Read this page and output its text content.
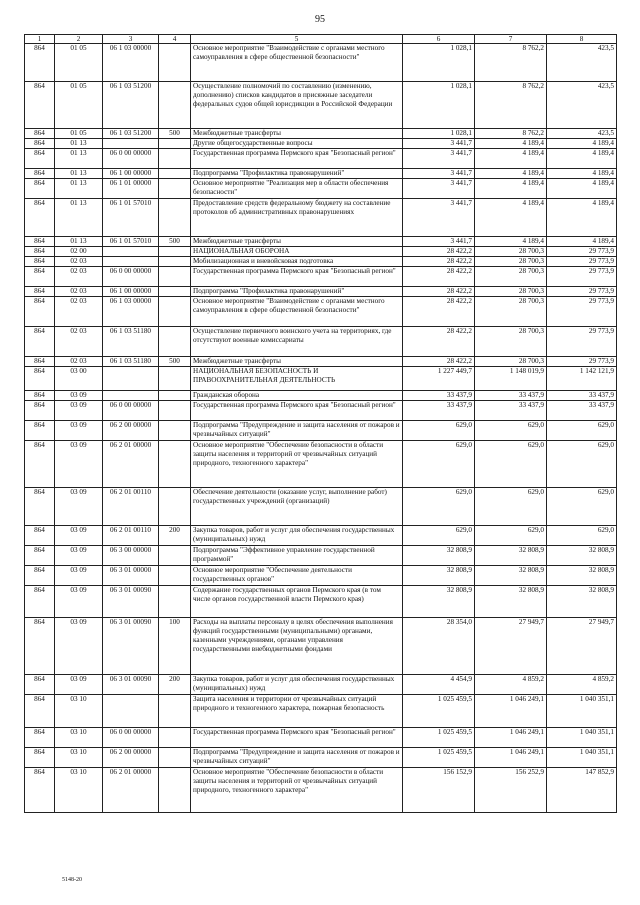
95
1	2	3	4	5	6	7	8
864	01 05	06 1 03 00000		Основное мероприятие "Взаимодействие с органами местного самоуправления в сфере общественной безопасности"	1 028,1	8 762,2	423,5
864	01 05	06 1 03 51200		Осуществление полномочий по составлению (изменению, дополнению) списков кандидатов в присяжные заседатели федеральных судов общей юрисдикции в Российской Федерации	1 028,1	8 762,2	423,5
864	01 05	06 1 03 51200	500	Межбюджетные трансферты	1 028,1	8 762,2	423,5
864	01 13			Другие общегосударственные вопросы	3 441,7	4 189,4	4 189,4
864	01 13	06 0 00 00000		Государственная программа Пермского края "Безопасный регион"	3 441,7	4 189,4	4 189,4
864	01 13	06 1 00 00000		Подпрограмма "Профилактика правонарушений"	3 441,7	4 189,4	4 189,4
864	01 13	06 1 01 00000		Основное мероприятие "Реализация мер в области обеспечения безопасности"	3 441,7	4 189,4	4 189,4
864	01 13	06 1 01 57010		Предоставление средств федеральному бюджету на составление протоколов об административных правонарушениях	3 441,7	4 189,4	4 189,4
864	01 13	06 1 01 57010	500	Межбюджетные трансферты	3 441,7	4 189,4	4 189,4
864	02 00			НАЦИОНАЛЬНАЯ ОБОРОНА	28 422,2	28 700,3	29 773,9
864	02 03			Мобилизационная и вневойсковая подготовка	28 422,2	28 700,3	29 773,9
864	02 03	06 0 00 00000		Государственная программа Пермского края "Безопасный регион"	28 422,2	28 700,3	29 773,9
864	02 03	06 1 00 00000		Подпрограмма "Профилактика правонарушений"	28 422,2	28 700,3	29 773,9
864	02 03	06 1 03 00000		Основное мероприятие "Взаимодействие с органами местного самоуправления в сфере общественной безопасности"	28 422,2	28 700,3	29 773,9
864	02 03	06 1 03 51180		Осуществление первичного воинского учета на территориях, где отсутствуют военные комиссариаты	28 422,2	28 700,3	29 773,9
864	02 03	06 1 03 51180	500	Межбюджетные трансферты	28 422,2	28 700,3	29 773,9
864	03 00			НАЦИОНАЛЬНАЯ БЕЗОПАСНОСТЬ И ПРАВООХРАНИТЕЛЬНАЯ ДЕЯТЕЛЬНОСТЬ	1 227 449,7	1 148 019,9	1 142 121,9
864	03 09			Гражданская оборона	33 437,9	33 437,9	33 437,9
864	03 09	06 0 00 00000		Государственная программа Пермского края "Безопасный регион"	33 437,9	33 437,9	33 437,9
864	03 09	06 2 00 00000		Подпрограмма "Предупреждение и защита населения от пожаров и чрезвычайных ситуаций"	629,0	629,0	629,0
864	03 09	06 2 01 00000		Основное мероприятие "Обеспечение безопасности в области защиты населения и территорий от чрезвычайных ситуаций природного, техногенного характера"	629,0	629,0	629,0
864	03 09	06 2 01 00110		Обеспечение деятельности (оказание услуг, выполнение работ) государственных учреждений (организаций)	629,0	629,0	629,0
864	03 09	06 2 01 00110	200	Закупка товаров, работ и услуг для обеспечения государственных (муниципальных) нужд	629,0	629,0	629,0
864	03 09	06 3 00 00000		Подпрограмма "Эффективное управление государственной программой"	32 808,9	32 808,9	32 808,9
864	03 09	06 3 01 00000		Основное мероприятие "Обеспечение деятельности государственных органов"	32 808,9	32 808,9	32 808,9
864	03 09	06 3 01 00090		Содержание государственных органов Пермского края (в том числе органов государственной власти Пермского края)	32 808,9	32 808,9	32 808,9
864	03 09	06 3 01 00090	100	Расходы на выплаты персоналу в целях обеспечения выполнения функций государственными (муниципальными) органами, казенными учреждениями, органами управления государственными внебюджетными фондами	28 354,0	27 949,7	27 949,7
864	03 09	06 3 01 00090	200	Закупка товаров, работ и услуг для обеспечения государственных (муниципальных) нужд	4 454,9	4 859,2	4 859,2
864	03 10			Защита населения и территории от чрезвычайных ситуаций природного и техногенного характера, пожарная безопасность	1 025 459,5	1 046 249,1	1 040 351,1
864	03 10	06 0 00 00000		Государственная программа Пермского края "Безопасный регион"	1 025 459,5	1 046 249,1	1 040 351,1
864	03 10	06 2 00 00000		Подпрограмма "Предупреждение и защита населения от пожаров и чрезвычайных ситуаций"	1 025 459,5	1 046 249,1	1 040 351,1
864	03 10	06 2 01 00000		Основное мероприятие "Обеспечение безопасности в области защиты населения и территорий от чрезвычайных ситуаций природного, техногенного характера"	156 152,9	156 252,9	147 852,9
5148-20
